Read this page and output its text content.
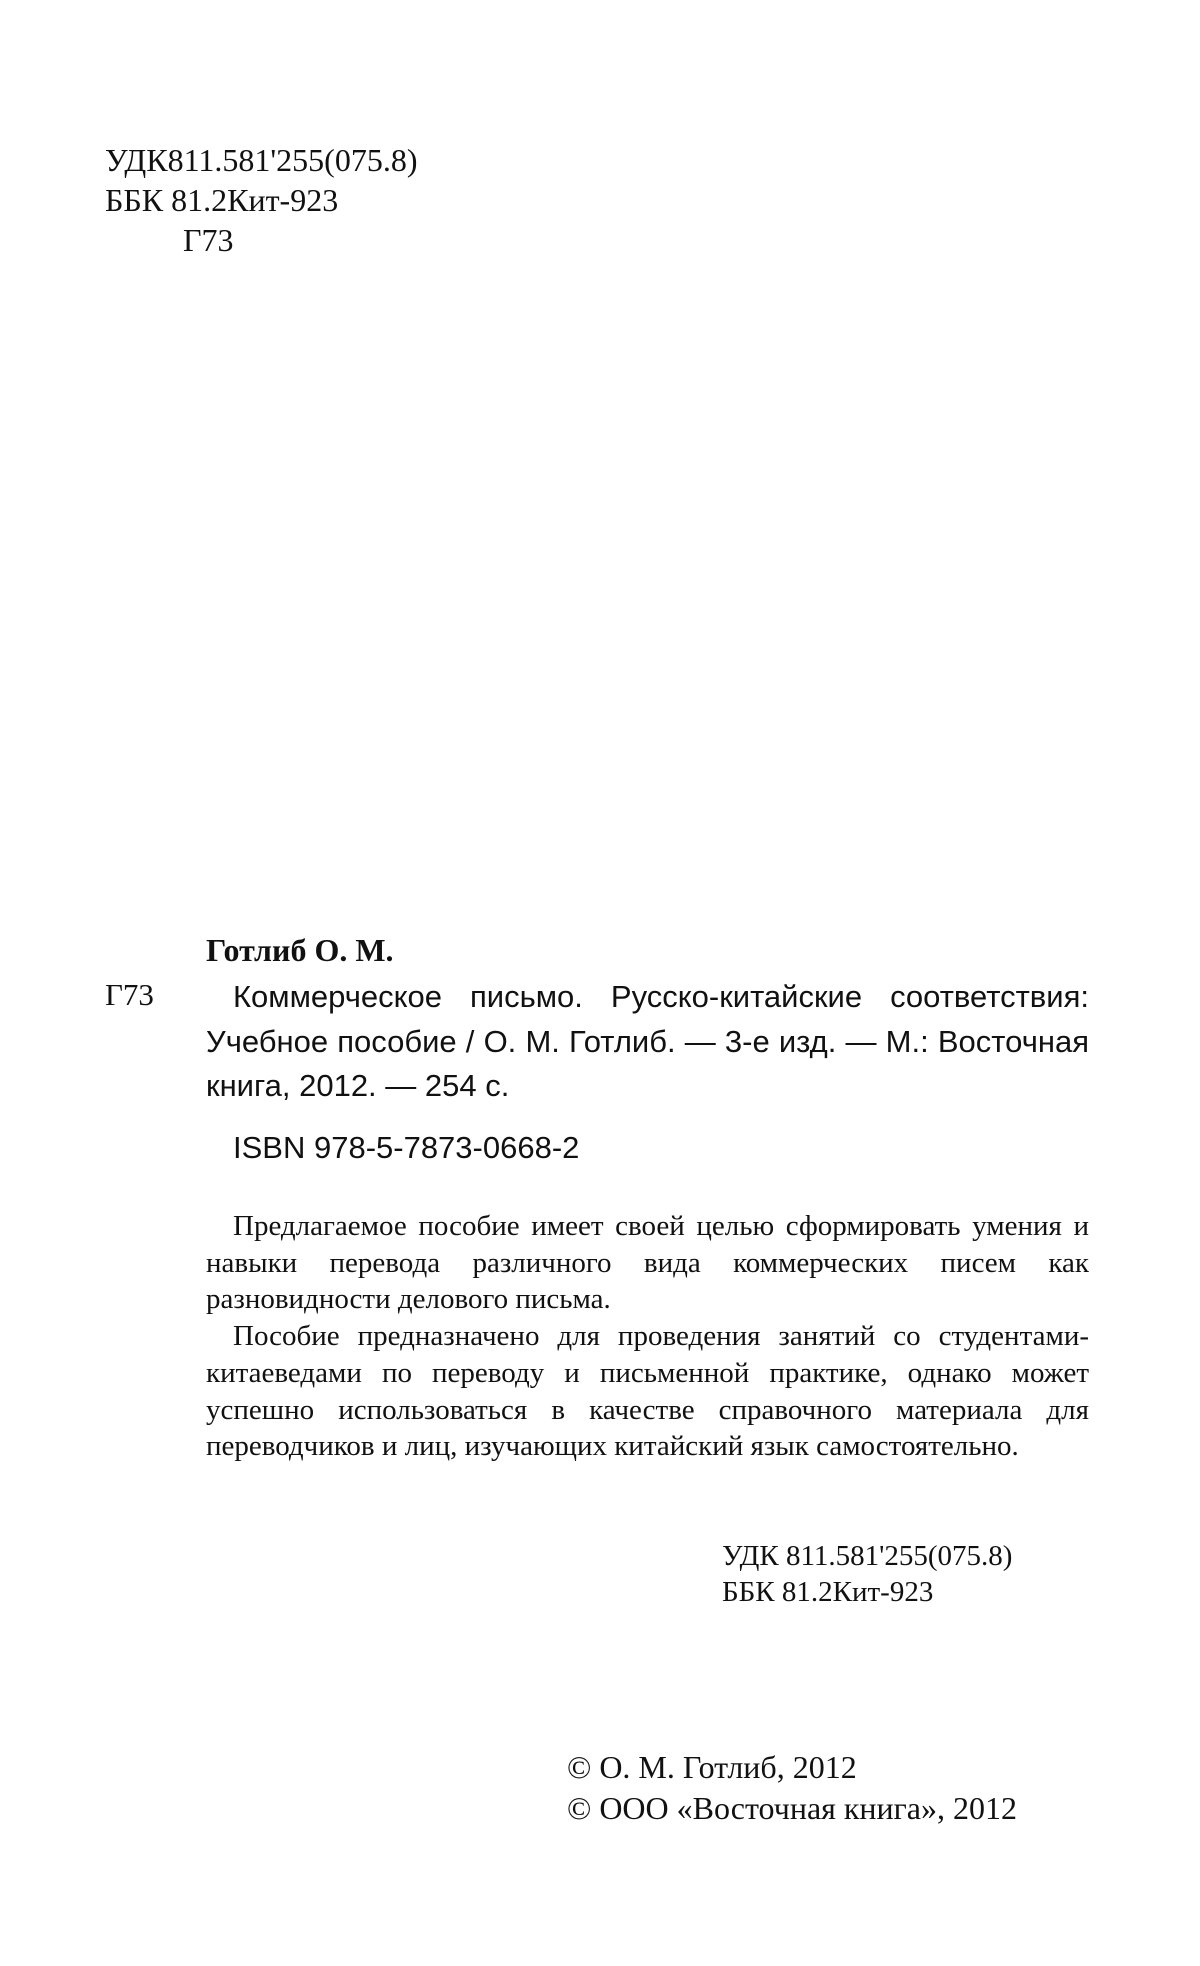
УДК811.581'255(075.8)
ББК 81.2Кит-923
Г73
Готлиб О. М.
Г73	Коммерческое письмо. Русско-китайские соответствия: Учебное пособие / О. М. Готлиб. — 3-е изд. — М.: Восточная книга, 2012. — 254 с.
ISBN 978-5-7873-0668-2

Предлагаемое пособие имеет своей целью сформировать умения и навыки перевода различного вида коммерческих писем как разновидности делового письма.

Пособие предназначено для проведения занятий со студентами-китаеведами по переводу и письменной практике, однако может успешно использоваться в качестве справочного материала для переводчиков и лиц, изучающих китайский язык самостоятельно.

УДК 811.581'255(075.8)
ББК 81.2Кит-923
© О. М. Готлиб, 2012
© ООО «Восточная книга», 2012
